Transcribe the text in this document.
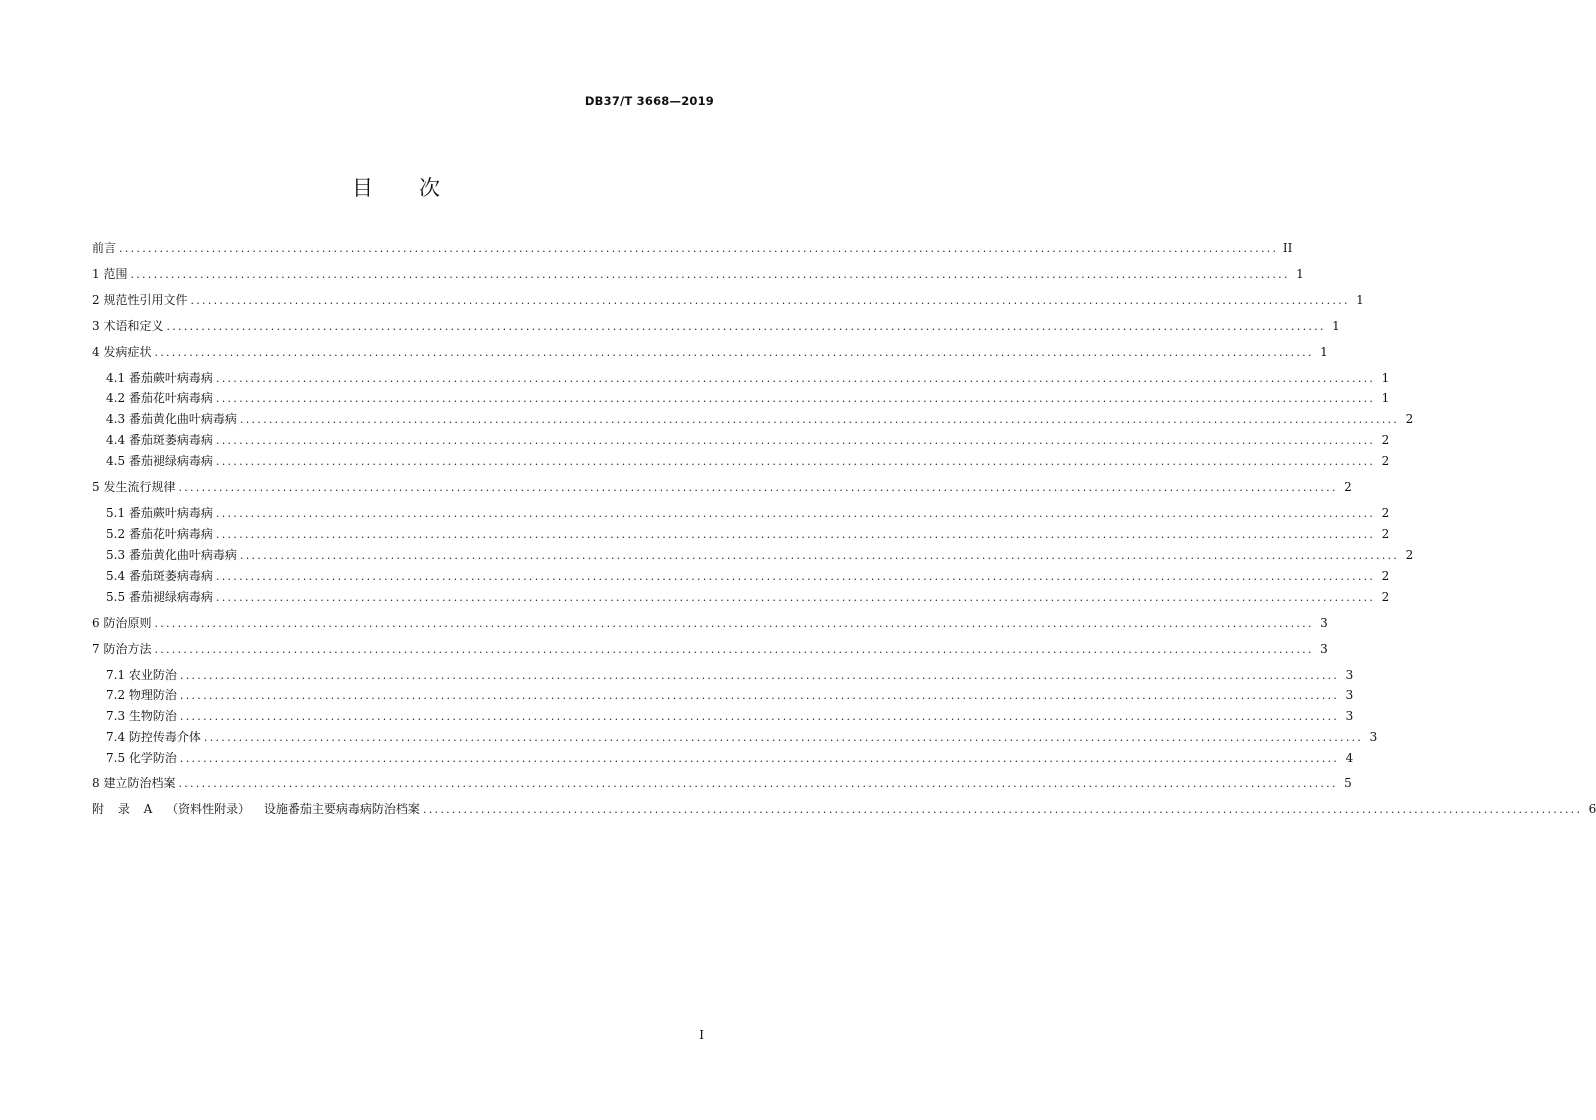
DB37/T 3668—2019
目次
前言 ........................................................................................................................................................................................................ II
1 范围 ........................................................................................................................................................................................................ 1
2 规范性引用文件 ........................................................................................................................................................................................................ 1
3 术语和定义 ........................................................................................................................................................................................................ 1
4 发病症状 ........................................................................................................................................................................................................ 1
4.1 番茄蕨叶病毒病 ........................................................................................................................................................................................................ 1
4.2 番茄花叶病毒病 ........................................................................................................................................................................................................ 1
4.3 番茄黄化曲叶病毒病 ........................................................................................................................................................................................................ 2
4.4 番茄斑萎病毒病 ........................................................................................................................................................................................................ 2
4.5 番茄褪绿病毒病 ........................................................................................................................................................................................................ 2
5 发生流行规律 ........................................................................................................................................................................................................ 2
5.1 番茄蕨叶病毒病 ........................................................................................................................................................................................................ 2
5.2 番茄花叶病毒病 ........................................................................................................................................................................................................ 2
5.3 番茄黄化曲叶病毒病 ........................................................................................................................................................................................................ 2
5.4 番茄斑萎病毒病 ........................................................................................................................................................................................................ 2
5.5 番茄褪绿病毒病 ........................................................................................................................................................................................................ 2
6 防治原则 ........................................................................................................................................................................................................ 3
7 防治方法 ........................................................................................................................................................................................................ 3
7.1 农业防治 ........................................................................................................................................................................................................ 3
7.2 物理防治 ........................................................................................................................................................................................................ 3
7.3 生物防治 ........................................................................................................................................................................................................ 3
7.4 防控传毒介体 ........................................................................................................................................................................................................ 3
7.5 化学防治 ........................................................................................................................................................................................................ 4
8 建立防治档案 ........................................................................................................................................................................................................ 5
附 录 A （资料性附录） 设施番茄主要病毒病防治档案 ........................................................................................................................................................................................................ 6
I
